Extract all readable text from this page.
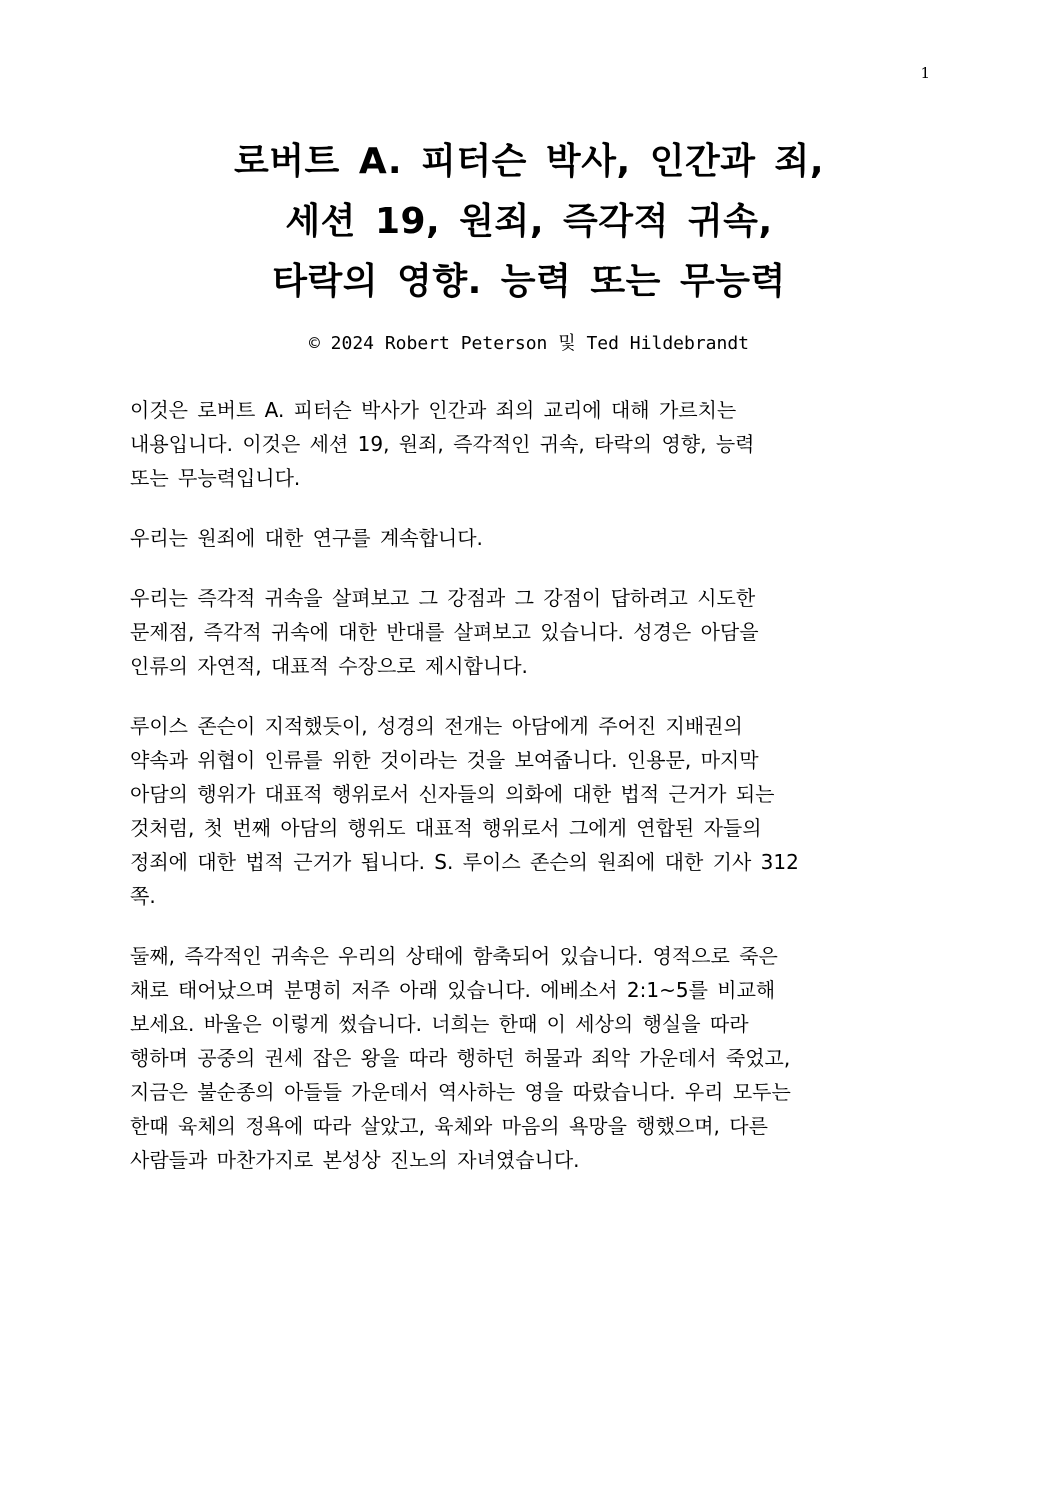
1
로버트 A. 피터슨 박사, 인간과 죄,
세션 19, 원죄, 즉각적 귀속,
타락의 영향. 능력 또는 무능력
© 2024 Robert Peterson 및 Ted Hildebrandt
이것은 로버트 A. 피터슨 박사가 인간과 죄의 교리에 대해 가르치는
내용입니다. 이것은 세션 19, 원죄, 즉각적인 귀속, 타락의 영향, 능력
또는 무능력입니다.
우리는 원죄에 대한 연구를 계속합니다.
우리는 즉각적 귀속을 살펴보고 그 강점과 그 강점이 답하려고 시도한
문제점, 즉각적 귀속에 대한 반대를 살펴보고 있습니다. 성경은 아담을
인류의 자연적, 대표적 수장으로 제시합니다.
루이스 존슨이 지적했듯이, 성경의 전개는 아담에게 주어진 지배권의
약속과 위협이 인류를 위한 것이라는 것을 보여줍니다. 인용문, 마지막
아담의 행위가 대표적 행위로서 신자들의 의화에 대한 법적 근거가 되는
것처럼, 첫 번째 아담의 행위도 대표적 행위로서 그에게 연합된 자들의
정죄에 대한 법적 근거가 됩니다. S. 루이스 존슨의 원죄에 대한 기사 312
쪽.
둘째, 즉각적인 귀속은 우리의 상태에 함축되어 있습니다. 영적으로 죽은
채로 태어났으며 분명히 저주 아래 있습니다. 에베소서 2:1~5를 비교해
보세요. 바울은 이렇게 썼습니다. 너희는 한때 이 세상의 행실을 따라
행하며 공중의 권세 잡은 왕을 따라 행하던 허물과 죄악 가운데서 죽었고,
지금은 불순종의 아들들 가운데서 역사하는 영을 따랐습니다. 우리 모두는
한때 육체의 정욕에 따라 살았고, 육체와 마음의 욕망을 행했으며, 다른
사람들과 마찬가지로 본성상 진노의 자녀였습니다.
